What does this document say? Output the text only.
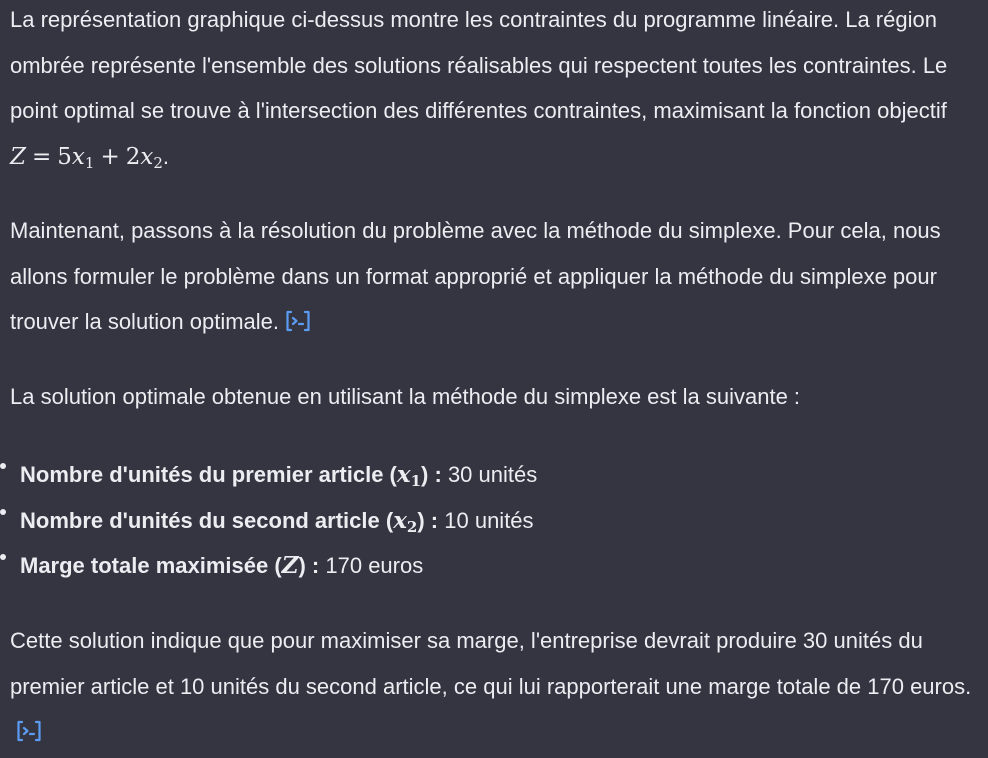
La représentation graphique ci-dessus montre les contraintes du programme linéaire. La région ombrée représente l'ensemble des solutions réalisables qui respectent toutes les contraintes. Le point optimal se trouve à l'intersection des différentes contraintes, maximisant la fonction objectif $Z = 5x_1 + 2x_2$.

Maintenant, passons à la résolution du problème avec la méthode du simplexe. Pour cela, nous allons formuler le problème dans un format approprié et appliquer la méthode du simplexe pour trouver la solution optimale.

La solution optimale obtenue en utilisant la méthode du simplexe est la suivante :

Nombre d'unités du premier article $(x_1)$ : 30 unités
Nombre d'unités du second article $(x_2)$ : 10 unités
Marge totale maximisée (Z) : 170 euros

Cette solution indique que pour maximiser sa marge, l'entreprise devrait produire 30 unités du premier article et 10 unités du second article, ce qui lui rapporterait une marge totale de 170 euros.
